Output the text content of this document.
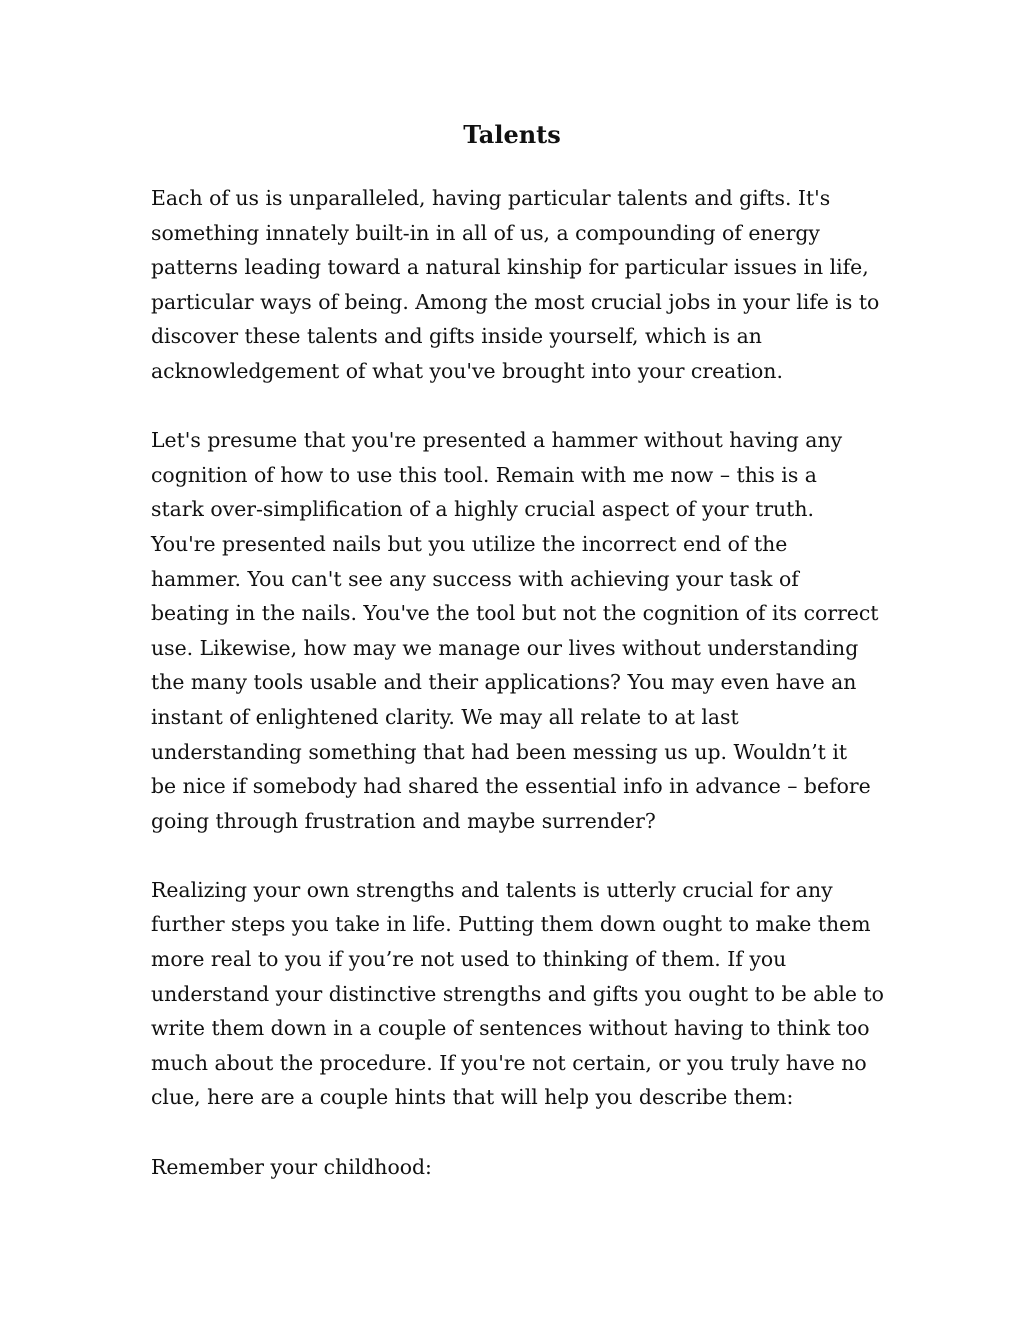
Talents

Each of us is unparalleled, having particular talents and gifts. It's
something innately built-in in all of us, a compounding of energy
patterns leading toward a natural kinship for particular issues in life,
particular ways of being. Among the most crucial jobs in your life is to
discover these talents and gifts inside yourself, which is an
acknowledgement of what you've brought into your creation.

Let's presume that you're presented a hammer without having any
cognition of how to use this tool. Remain with me now – this is a
stark over-simplification of a highly crucial aspect of your truth.
You're presented nails but you utilize the incorrect end of the
hammer. You can't see any success with achieving your task of
beating in the nails. You've the tool but not the cognition of its correct
use. Likewise, how may we manage our lives without understanding
the many tools usable and their applications? You may even have an
instant of enlightened clarity. We may all relate to at last
understanding something that had been messing us up. Wouldn’t it
be nice if somebody had shared the essential info in advance – before
going through frustration and maybe surrender?

Realizing your own strengths and talents is utterly crucial for any
further steps you take in life. Putting them down ought to make them
more real to you if you’re not used to thinking of them. If you
understand your distinctive strengths and gifts you ought to be able to
write them down in a couple of sentences without having to think too
much about the procedure. If you're not certain, or you truly have no
clue, here are a couple hints that will help you describe them:

Remember your childhood:
